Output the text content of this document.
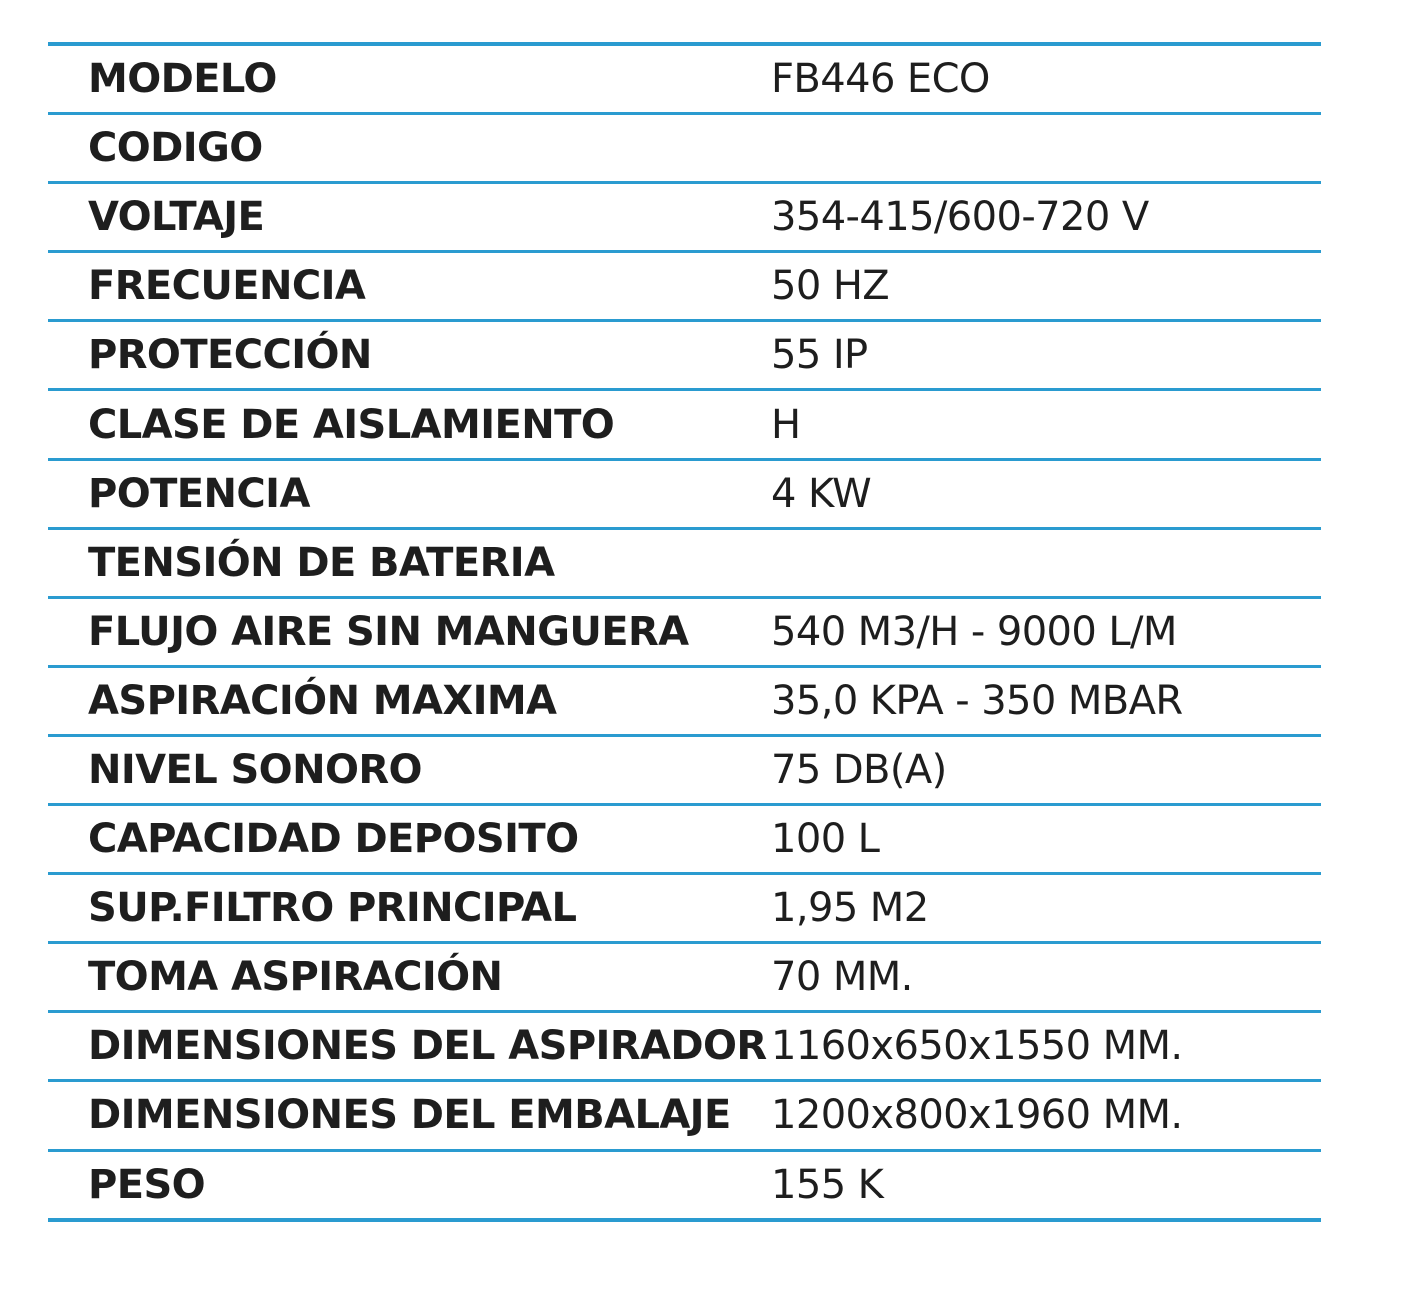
MODELO	FB446 ECO
CODIGO
VOLTAJE	354-415/600-720 V
FRECUENCIA	50 HZ
PROTECCIÓN	55 IP
CLASE DE AISLAMIENTO	H
POTENCIA	4 KW
TENSIÓN DE BATERIA
FLUJO AIRE SIN MANGUERA 540 M3/H - 9000 L/M
ASPIRACIÓN MAXIMA	35,0 KPA - 350 MBAR
NIVEL SONORO	75 DB(A)
CAPACIDAD DEPOSITO	100 L
SUP.FILTRO PRINCIPAL	1,95 M2
TOMA ASPIRACIÓN	70 MM.
DIMENSIONES DEL ASPIRADOR 1160x650x1550 MM.
DIMENSIONES DEL EMBALAJE 1200x800x1960 MM.
PESO	155 K
